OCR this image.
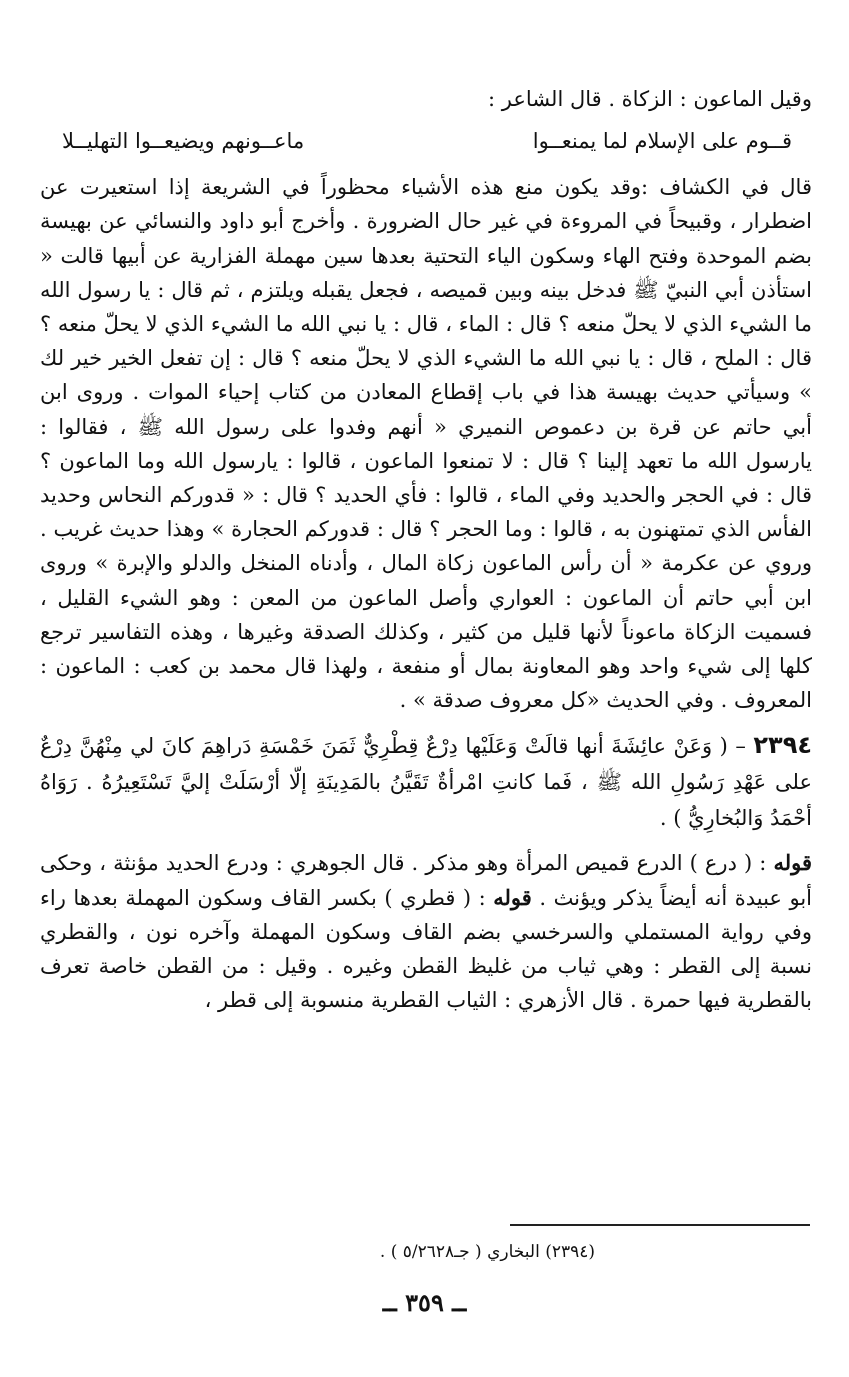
وقيل الماعون : الزكاة . قال الشاعر :

قــوم على الإسلام لما يمنعــوا
ماعــونهم ويضيعــوا التهليــلا

قال في الكشاف :وقد يكون منع هذه الأشياء محظوراً في الشريعة إذا استعيرت عن اضطرار ، وقبيحاً في المروءة في غير حال الضرورة . وأخرج أبو داود والنسائي عن بهيسة بضم الموحدة وفتح الهاء وسكون الياء التحتية بعدها سين مهملة الفزارية عن أبيها قالت « استأذن أبي النبيّ ﷺ فدخل بينه وبين قميصه ، فجعل يقبله ويلتزم ، ثم قال : يا رسول الله ما الشيء الذي لا يحلّ منعه ؟ قال : الماء ، قال : يا نبي الله ما الشيء الذي لا يحلّ منعه ؟ قال : الملح ، قال : يا نبي الله ما الشيء الذي لا يحلّ منعه ؟ قال : إن تفعل الخير خير لك » وسيأتي حديث بهيسة هذا في باب إقطاع المعادن من كتاب إحياء الموات . وروى ابن أبي حاتم عن قرة بن دعموص النميري « أنهم وفدوا على رسول الله ﷺ ، فقالوا : يارسول الله ما تعهد إلينا ؟ قال : لا تمنعوا الماعون ، قالوا : يارسول الله وما الماعون ؟ قال : في الحجر والحديد وفي الماء ، قالوا : فأي الحديد ؟ قال : « قدوركم النحاس وحديد الفأس الذي تمتهنون به ، قالوا : وما الحجر ؟ قال : قدوركم الحجارة » وهذا حديث غريب . وروي عن عكرمة « أن رأس الماعون زكاة المال ، وأدناه المنخل والدلو والإبرة » وروى ابن أبي حاتم أن الماعون : العواري وأصل الماعون من المعن : وهو الشيء القليل ، فسميت الزكاة ماعوناً لأنها قليل من كثير ، وكذلك الصدقة وغيرها ، وهذه التفاسير ترجع كلها إلى شيء واحد وهو المعاونة بمال أو منفعة ، ولهذا قال محمد بن كعب : الماعون : المعروف . وفي الحديث «كل معروف صدقة » .

٢٣٩٤ – ( وَعَنْ عائِشَةَ أنها قالَتْ وَعَلَيْها دِرْعٌ قِطْرِيٌّ ثَمَنَ خَمْسَةِ دَراهِمَ كانَ لي مِنْهُنَّ دِرْعٌ على عَهْدِ رَسُولِ الله ﷺ ، فَما كانتِ امْرأةٌ تَقَيَّنُ بالمَدِينَةِ إلّا أرْسَلَتْ إليَّ تَسْتَعِيرُهُ . رَوَاهُ أحْمَدُ وَالبُخارِيُّ ) .

قوله : ( درع ) الدرع قميص المرأة وهو مذكر . قال الجوهري : ودرع الحديد مؤنثة ، وحكى أبو عبيدة أنه أيضاً يذكر ويؤنث . قوله : ( قطري ) بكسر القاف وسكون المهملة بعدها راء وفي رواية المستملي والسرخسي بضم القاف وسكون المهملة وآخره نون ، والقطري نسبة إلى القطر : وهي ثياب من غليظ القطن وغيره . وقيل : من القطن خاصة تعرف بالقطرية فيها حمرة . قال الأزهري : الثياب القطرية منسوبة إلى قطر ،

(٢٣٩٤) البخاري ( جـ٥/٢٦٢٨ ) .
ــ ٣٥٩ ــ
